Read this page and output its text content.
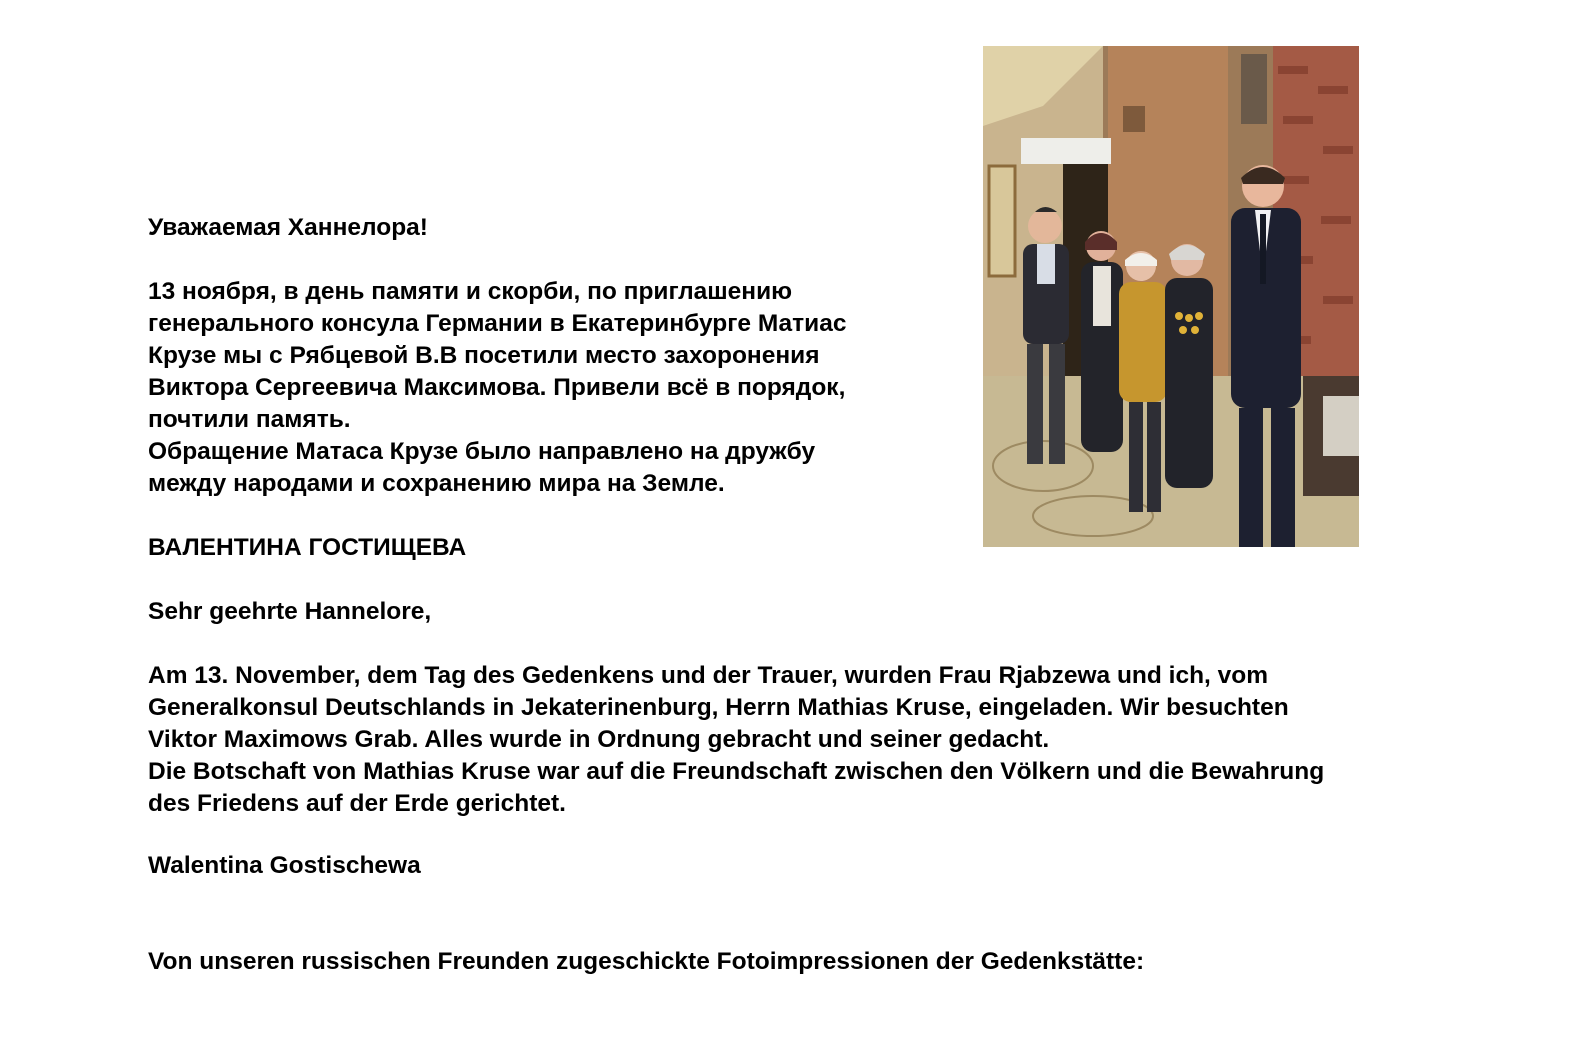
Уважаемая Ханнелора!
13 ноября, в день памяти и скорби, по приглашению
генерального консула Германии в Екатеринбурге Матиас
Крузе мы с Рябцевой В.В посетили место захоронения
Виктора Сергеевича Максимова. Привели всё в порядок,
почтили память.
Обращение Матаса Крузе было направлено на дружбу
между народами и сохранению мира на Земле.
ВАЛЕНТИНА ГОСТИЩЕВА
Sehr geehrte Hannelore,
Am 13. November, dem Tag des Gedenkens und der Trauer, wurden Frau Rjabzewa und ich, vom
Generalkonsul Deutschlands in Jekaterinenburg, Herrn Mathias Kruse, eingeladen. Wir besuchten
Viktor Maximows Grab. Alles wurde in Ordnung gebracht und seiner gedacht.
Die Botschaft von Mathias Kruse war auf die Freundschaft zwischen den Völkern und die Bewahrung
des Friedens auf der Erde gerichtet.
Walentina Gostischewa
Von unseren russischen Freunden zugeschickte Fotoimpressionen der Gedenkstätte:
